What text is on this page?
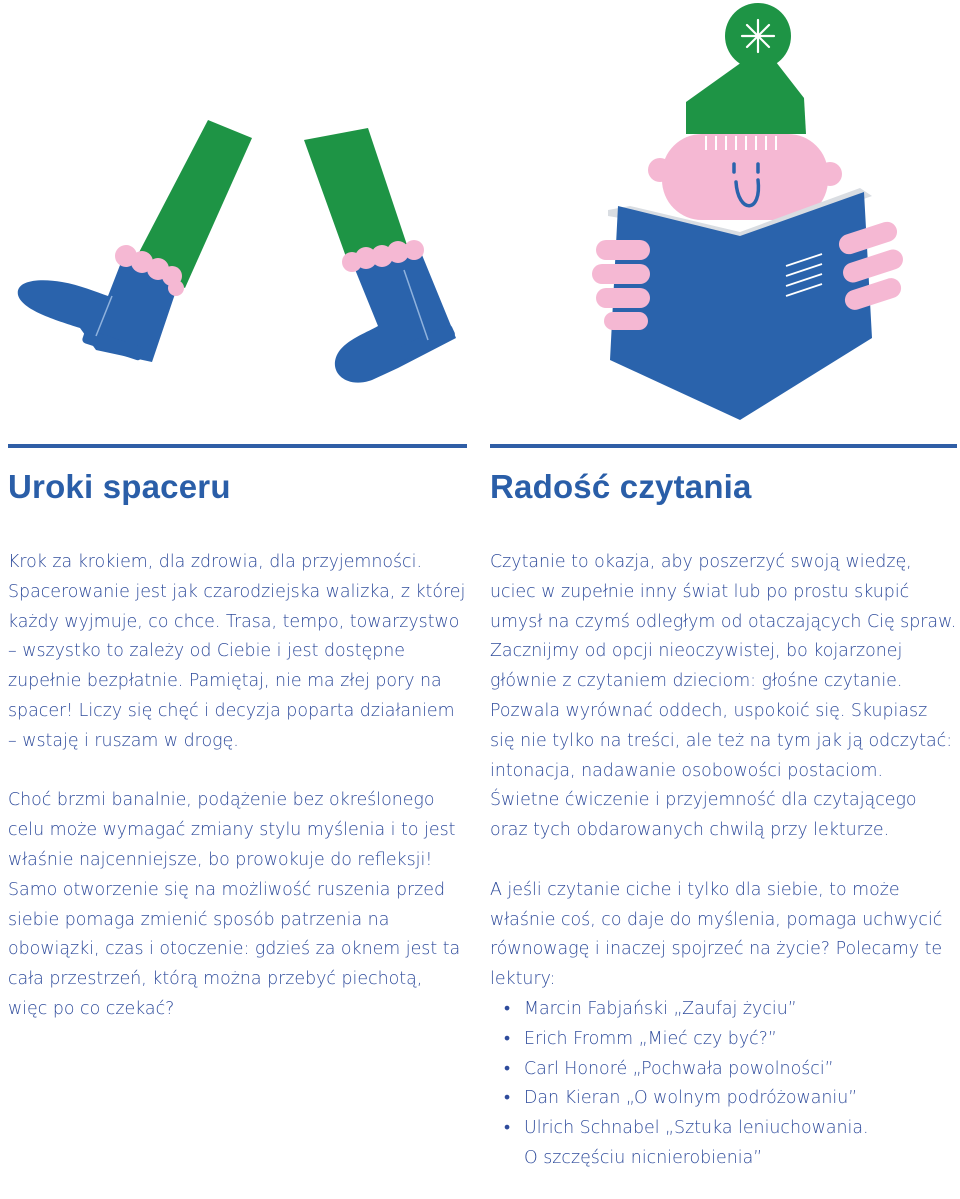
Uroki spaceru

Krok za krokiem, dla zdrowia, dla przyjemności. Spacerowanie jest jak czarodziejska walizka, z której każdy wyjmuje, co chce. Trasa, tempo, towarzystwo – wszystko to zależy od Ciebie i jest dostępne zupełnie bezpłatnie. Pamiętaj, nie ma złej pory na spacer! Liczy się chęć i decyzja poparta działaniem – wstaję i ruszam w drogę.

Choć brzmi banalnie, podążenie bez określonego celu może wymagać zmiany stylu myślenia i to jest właśnie najcenniejsze, bo prowokuje do refleksji! Samo otworzenie się na możliwość ruszenia przed siebie pomaga zmienić sposób patrzenia na obowiązki, czas i otoczenie: gdzieś za oknem jest ta cała przestrzeń, którą można przebyć piechotą, więc po co czekać?

Radość czytania

Czytanie to okazja, aby poszerzyć swoją wiedzę, uciec w zupełnie inny świat lub po prostu skupić umysł na czymś odległym od otaczających Cię spraw. Zacznijmy od opcji nieoczywistej, bo kojarzonej głównie z czytaniem dzieciom: głośne czytanie. Pozwala wyrównać oddech, uspokoić się. Skupiasz się nie tylko na treści, ale też na tym jak ją odczytać: intonacja, nadawanie osobowości postaciom. Świetne ćwiczenie i przyjemność dla czytającego oraz tych obdarowanych chwilą przy lekturze.

A jeśli czytanie ciche i tylko dla siebie, to może właśnie coś, co daje do myślenia, pomaga uchwycić równowagę i inaczej spojrzeć na życie? Polecamy te lektury:

• Marcin Fabjański „Zaufaj życiu”
• Erich Fromm „Mieć czy być?”
• Carl Honoré „Pochwała powolności”
• Dan Kieran „O wolnym podróżowaniu”
• Ulrich Schnabel „Sztuka leniuchowania.
O szczęściu nicnierobienia”
